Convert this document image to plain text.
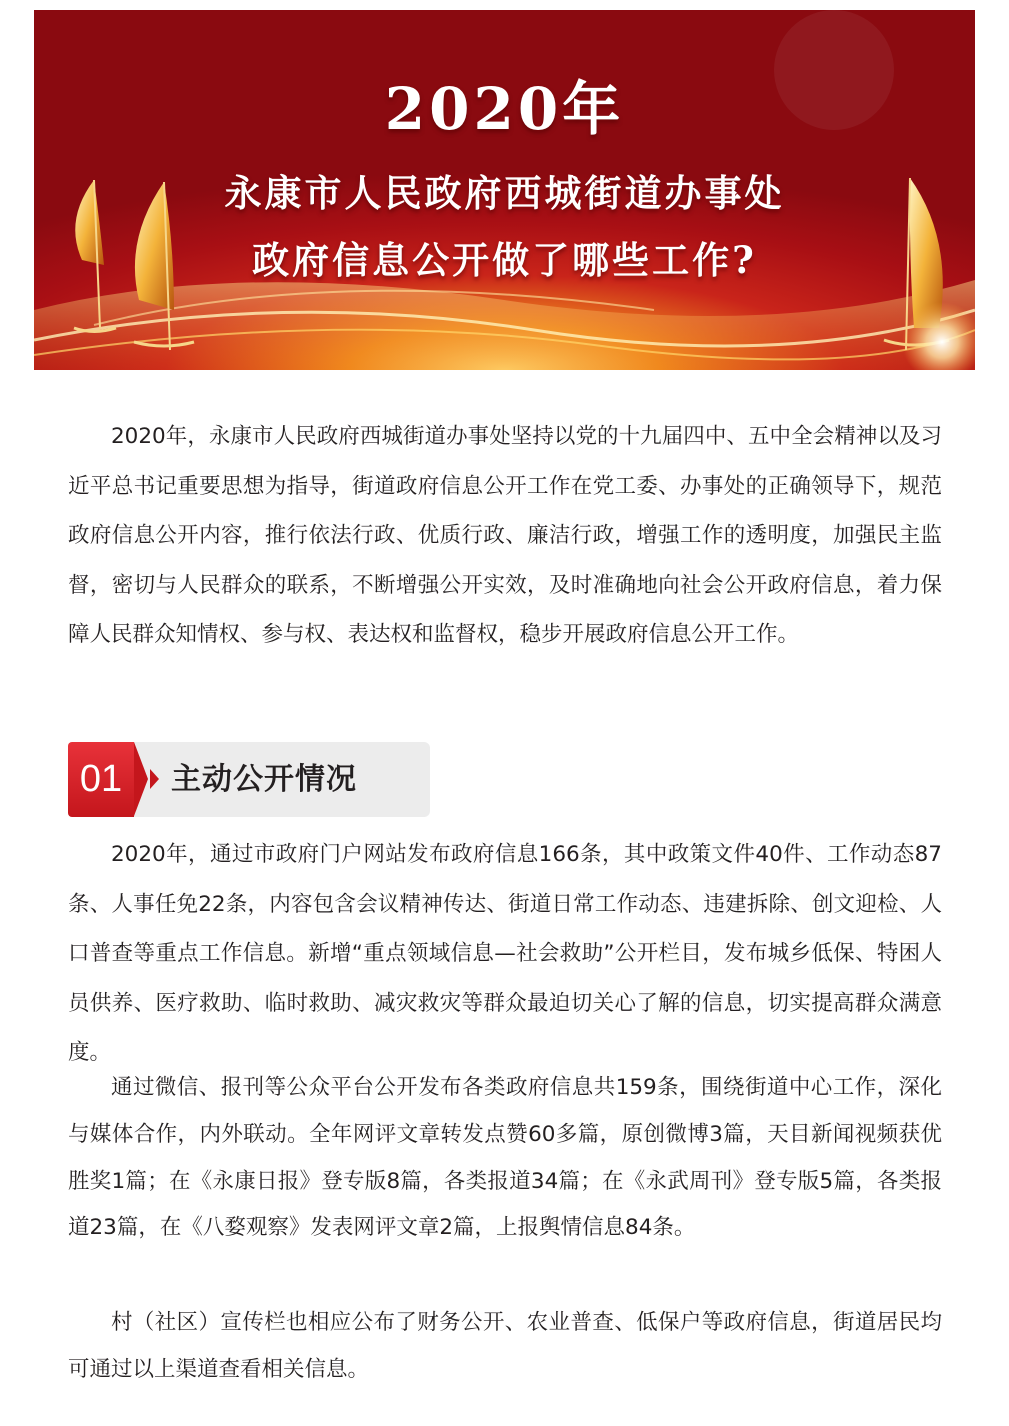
2020年
永康市人民政府西城街道办事处
政府信息公开做了哪些工作?

2020年，永康市人民政府西城街道办事处坚持以党的十九届四中、五中全会精神以及习近平总书记重要思想为指导，街道政府信息公开工作在党工委、办事处的正确领导下，规范政府信息公开内容，推行依法行政、优质行政、廉洁行政，增强工作的透明度，加强民主监督，密切与人民群众的联系，不断增强公开实效，及时准确地向社会公开政府信息，着力保障人民群众知情权、参与权、表达权和监督权，稳步开展政府信息公开工作。

01	主动公开情况

2020年，通过市政府门户网站发布政府信息166条，其中政策文件40件、工作动态87条、人事任免22条，内容包含会议精神传达、街道日常工作动态、违建拆除、创文迎检、人口普查等重点工作信息。新增“重点领域信息—社会救助”公开栏目，发布城乡低保、特困人员供养、医疗救助、临时救助、减灾救灾等群众最迫切关心了解的信息，切实提高群众满意度。

通过微信、报刊等公众平台公开发布各类政府信息共159条，围绕街道中心工作，深化与媒体合作，内外联动。全年网评文章转发点赞60多篇，原创微博3篇，天目新闻视频获优胜奖1篇；在《永康日报》登专版8篇，各类报道34篇；在《永武周刊》登专版5篇，各类报道23篇，在《八婺观察》发表网评文章2篇，上报舆情信息84条。

村（社区）宣传栏也相应公布了财务公开、农业普查、低保户等政府信息，街道居民均可通过以上渠道查看相关信息。
